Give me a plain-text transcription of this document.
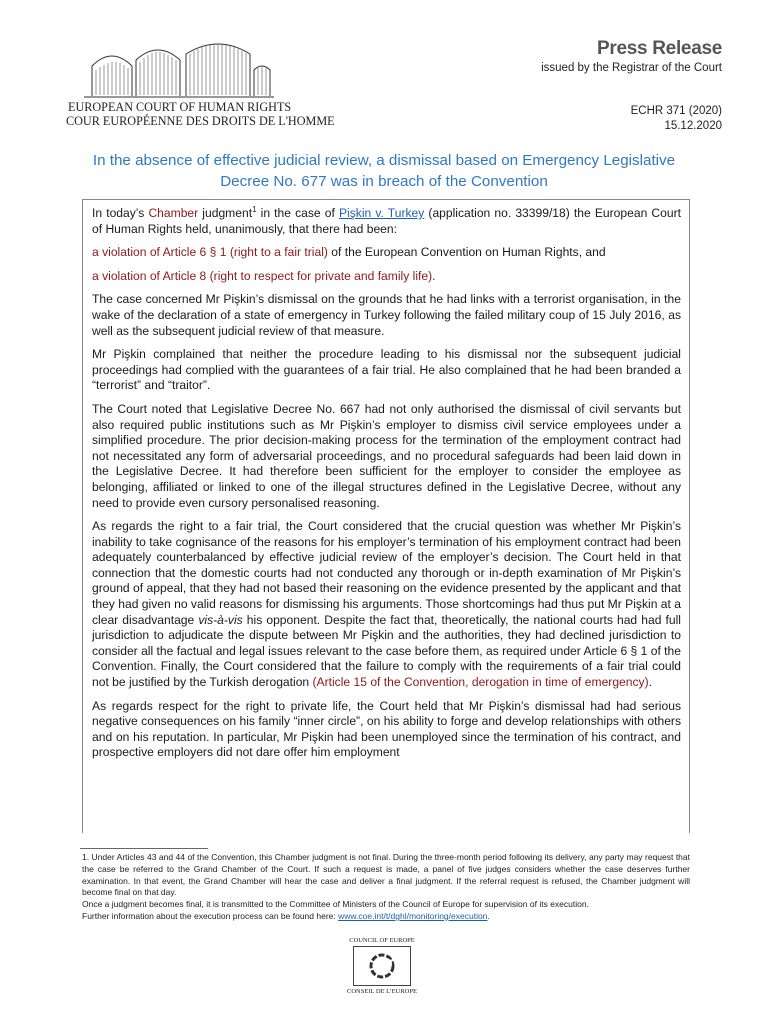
EUROPEAN COURT OF HUMAN RIGHTS
COUR EUROPÉENNE DES DROITS DE L'HOMME
Press Release
issued by the Registrar of the Court
ECHR 371 (2020)
15.12.2020
In the absence of effective judicial review, a dismissal based on Emergency Legislative Decree No. 677 was in breach of the Convention

In today’s Chamber judgment$^1$ in the case of Pişkin v. Turkey (application no. 33399/18) the European Court of Human Rights held, unanimously, that there had been:

a violation of Article 6 § 1 (right to a fair trial) of the European Convention on Human Rights, and

a violation of Article 8 (right to respect for private and family life).

The case concerned Mr Pişkin’s dismissal on the grounds that he had links with a terrorist organisation, in the wake of the declaration of a state of emergency in Turkey following the failed military coup of 15 July 2016, as well as the subsequent judicial review of that measure.

Mr Pişkin complained that neither the procedure leading to his dismissal nor the subsequent judicial proceedings had complied with the guarantees of a fair trial. He also complained that he had been branded a “terrorist” and “traitor”.

The Court noted that Legislative Decree No. 667 had not only authorised the dismissal of civil servants but also required public institutions such as Mr Pişkin’s employer to dismiss civil service employees under a simplified procedure. The prior decision-making process for the termination of the employment contract had not necessitated any form of adversarial proceedings, and no procedural safeguards had been laid down in the Legislative Decree. It had therefore been sufficient for the employer to consider the employee as belonging, affiliated or linked to one of the illegal structures defined in the Legislative Decree, without any need to provide even cursory personalised reasoning.

As regards the right to a fair trial, the Court considered that the crucial question was whether Mr Pişkin’s inability to take cognisance of the reasons for his employer’s termination of his employment contract had been adequately counterbalanced by effective judicial review of the employer’s decision. The Court held in that connection that the domestic courts had not conducted any thorough or in-depth examination of Mr Pişkin’s ground of appeal, that they had not based their reasoning on the evidence presented by the applicant and that they had given no valid reasons for dismissing his arguments. Those shortcomings had thus put Mr Pişkin at a clear disadvantage vis-à-vis his opponent. Despite the fact that, theoretically, the national courts had had full jurisdiction to adjudicate the dispute between Mr Pişkin and the authorities, they had declined jurisdiction to consider all the factual and legal issues relevant to the case before them, as required under Article 6 § 1 of the Convention. Finally, the Court considered that the failure to comply with the requirements of a fair trial could not be justified by the Turkish derogation (Article 15 of the Convention, derogation in time of emergency).

As regards respect for the right to private life, the Court held that Mr Pişkin’s dismissal had had serious negative consequences on his family “inner circle”, on his ability to forge and develop relationships with others and on his reputation. In particular, Mr Pişkin had been unemployed since the termination of his contract, and prospective employers did not dare offer him employment

1. Under Articles 43 and 44 of the Convention, this Chamber judgment is not final. During the three-month period following its delivery, any party may request that the case be referred to the Grand Chamber of the Court. If such a request is made, a panel of five judges considers whether the case deserves further examination. In that event, the Grand Chamber will hear the case and deliver a final judgment. If the referral request is refused, the Chamber judgment will become final on that day.

Once a judgment becomes final, it is transmitted to the Committee of Ministers of the Council of Europe for supervision of its execution.

Further information about the execution process can be found here: www.coe.int/t/dghl/monitoring/execution.

COUNCIL OF EUROPE
CONSEIL DE L’EUROPE
